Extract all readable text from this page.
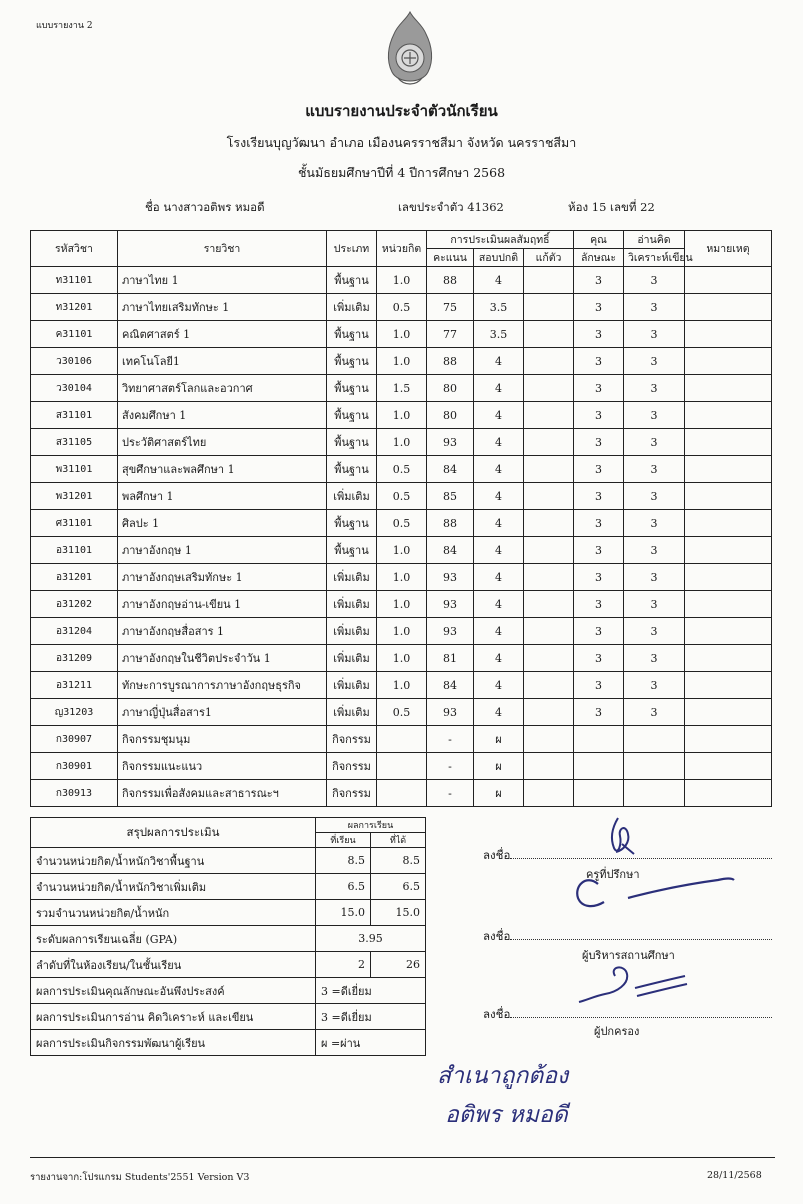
แบบรายงาน 2
แบบรายงานประจำตัวนักเรียน
โรงเรียนบุญวัฒนา อำเภอ เมืองนครราชสีมา จังหวัด นครราชสีมา
ชั้นมัธยมศึกษาปีที่ 4 ปีการศึกษา 2568
ชื่อ นางสาวอติพร หมอดี	เลขประจำตัว 41362	ห้อง 15 เลขที่ 22
รหัสวิชา	รายวิชา	ประเภท	หน่วยกิต	การประเมินผลสัมฤทธิ์			คุณ	อ่านคิด	หมายเหตุ
				คะแนน	สอบปกติ	แก้ตัว	ลักษณะ	วิเคราะห์เขียน	
ท31101	ภาษาไทย 1	พื้นฐาน	1.0	88	4		3	3	
ท31201	ภาษาไทยเสริมทักษะ 1	เพิ่มเติม	0.5	75	3.5		3	3	
ค31101	คณิตศาสตร์ 1	พื้นฐาน	1.0	77	3.5		3	3	
ว30106	เทคโนโลยี1	พื้นฐาน	1.0	88	4		3	3	
ว30104	วิทยาศาสตร์โลกและอวกาศ	พื้นฐาน	1.5	80	4		3	3	
ส31101	สังคมศึกษา 1	พื้นฐาน	1.0	80	4		3	3	
ส31105	ประวัติศาสตร์ไทย	พื้นฐาน	1.0	93	4		3	3	
พ31101	สุขศึกษาและพลศึกษา 1	พื้นฐาน	0.5	84	4		3	3	
พ31201	พลศึกษา 1	เพิ่มเติม	0.5	85	4		3	3	
ศ31101	ศิลปะ 1	พื้นฐาน	0.5	88	4		3	3	
อ31101	ภาษาอังกฤษ 1	พื้นฐาน	1.0	84	4		3	3	
อ31201	ภาษาอังกฤษเสริมทักษะ 1	เพิ่มเติม	1.0	93	4		3	3	
อ31202	ภาษาอังกฤษอ่าน-เขียน 1	เพิ่มเติม	1.0	93	4		3	3	
อ31204	ภาษาอังกฤษสื่อสาร 1	เพิ่มเติม	1.0	93	4		3	3	
อ31209	ภาษาอังกฤษในชีวิตประจำวัน 1	เพิ่มเติม	1.0	81	4		3	3	
อ31211	ทักษะการบูรณาการภาษาอังกฤษธุรกิจ	เพิ่มเติม	1.0	84	4		3	3	
ญ31203	ภาษาญี่ปุ่นสื่อสาร1	เพิ่มเติม	0.5	93	4		3	3	
ก30907	กิจกรรมชุมนุม	กิจกรรม		-	ผ				
ก30901	กิจกรรมแนะแนว	กิจกรรม		-	ผ				
ก30913	กิจกรรมเพื่อสังคมและสาธารณะฯ	กิจกรรม		-	ผ				
สรุปผลการประเมิน	ผลการเรียน	
	ที่เรียน	ที่ได้
จำนวนหน่วยกิต/น้ำหนักวิชาพื้นฐาน	8.5	8.5
จำนวนหน่วยกิต/น้ำหนักวิชาเพิ่มเติม	6.5	6.5
รวมจำนวนหน่วยกิต/น้ำหนัก	15.0	15.0
ระดับผลการเรียนเฉลี่ย (GPA)	3.95	
ลำดับที่ในห้องเรียน/ในชั้นเรียน	2	26
ผลการประเมินคุณลักษณะอันพึงประสงค์	3 =ดีเยี่ยม	
ผลการประเมินการอ่าน คิดวิเคราะห์ และเขียน	3 =ดีเยี่ยม	
ผลการประเมินกิจกรรมพัฒนาผู้เรียน	ผ =ผ่าน	
ลงชื่อ
ครูที่ปรึกษา
ลงชื่อ
ผู้บริหารสถานศึกษา
ลงชื่อ
ผู้ปกครอง
สำเนาถูกต้อง
อติพร หมอดี
รายงานจาก:โปรแกรม Students'2551 Version V3	28/11/2568
